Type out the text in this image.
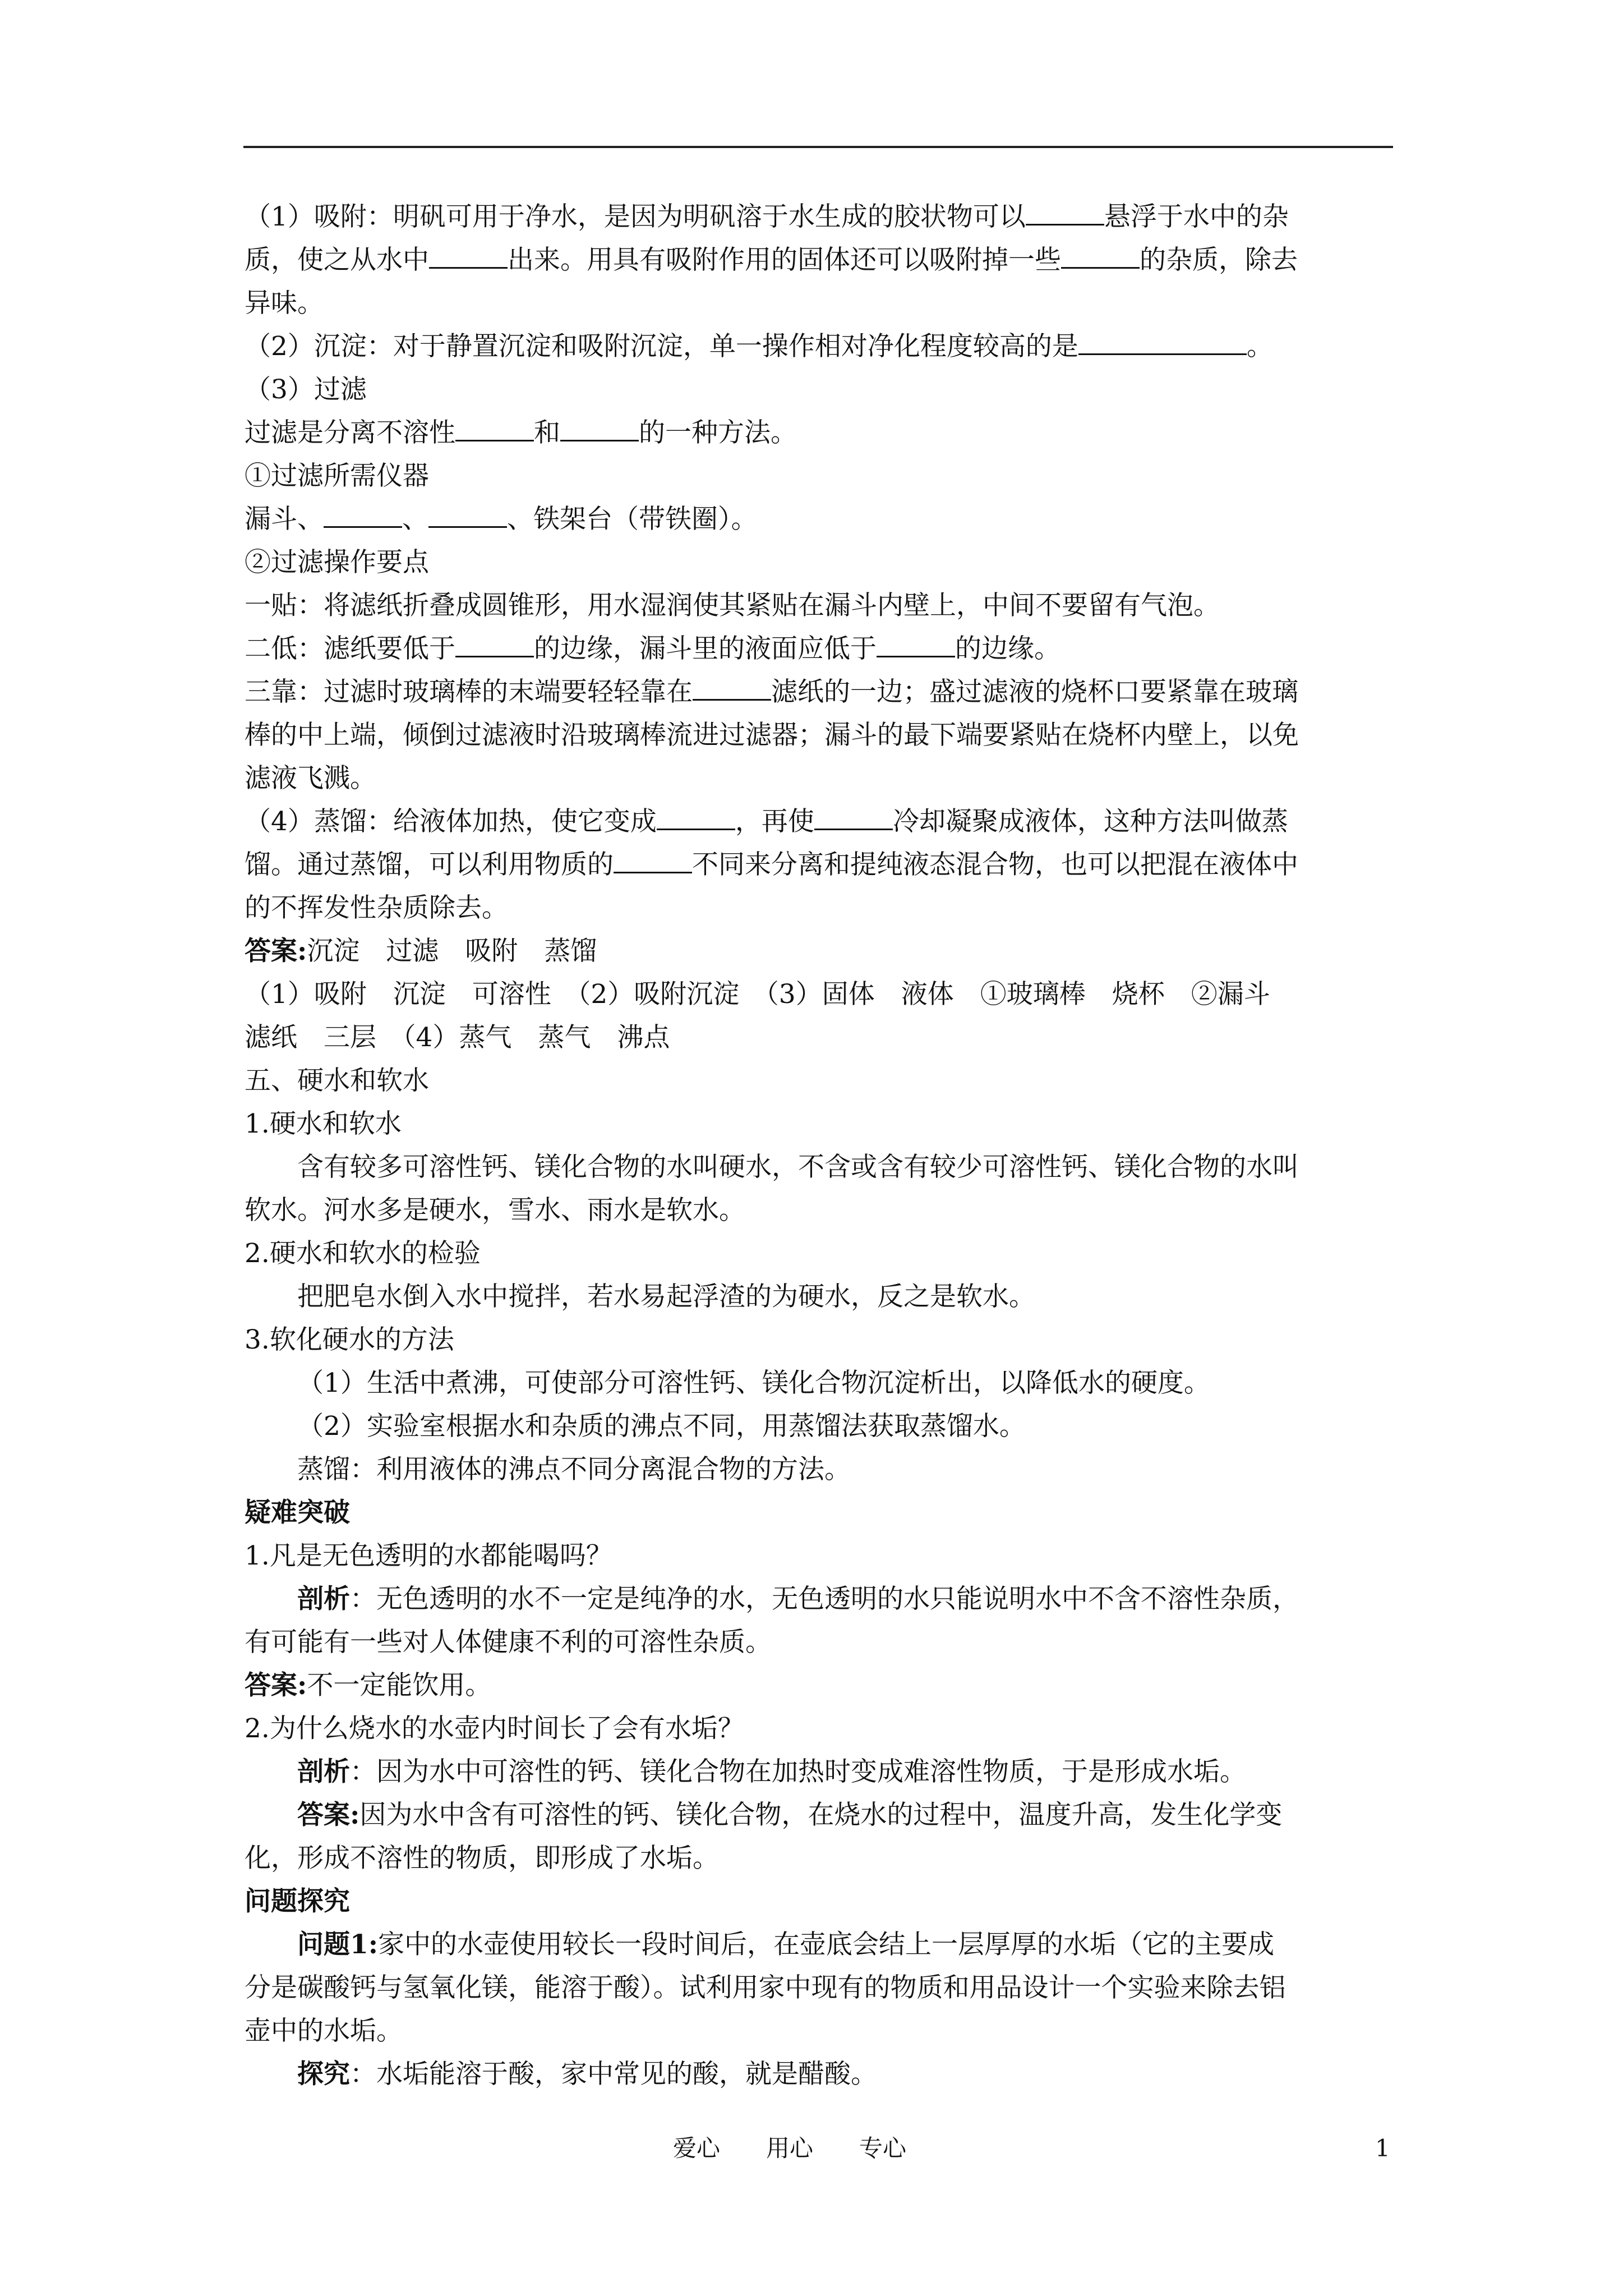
（1）吸附：明矾可用于净水，是因为明矾溶于水生成的胶状物可以	悬浮于水中的杂

质，使之从水中	出来。用具有吸附作用的固体还可以吸附掉一些	的杂质，除去

异味。

（2）沉淀：对于静置沉淀和吸附沉淀，单一操作相对净化程度较高的是	。

（3）过滤

过滤是分离不溶性	和	的一种方法。

①过滤所需仪器

漏斗、	、	、铁架台（带铁圈）。

②过滤操作要点

一贴：将滤纸折叠成圆锥形，用水湿润使其紧贴在漏斗内壁上，中间不要留有气泡。

二低：滤纸要低于	的边缘，漏斗里的液面应低于	的边缘。

三靠：过滤时玻璃棒的末端要轻轻靠在	滤纸的一边；盛过滤液的烧杯口要紧靠在玻璃

棒的中上端，倾倒过滤液时沿玻璃棒流进过滤器；漏斗的最下端要紧贴在烧杯内壁上，以免

滤液飞溅。

（4）蒸馏：给液体加热，使它变成	，再使	冷却凝聚成液体，这种方法叫做蒸

馏。通过蒸馏，可以利用物质的	不同来分离和提纯液态混合物，也可以把混在液体中

的不挥发性杂质除去。

答案:沉淀　过滤　吸附　蒸馏

（1）吸附　沉淀　可溶性　（2）吸附沉淀　（3）固体　液体　①玻璃棒　烧杯　②漏斗

滤纸　三层　（4）蒸气　蒸气　沸点

五、硬水和软水

1.硬水和软水

含有较多可溶性钙、镁化合物的水叫硬水，不含或含有较少可溶性钙、镁化合物的水叫

软水。河水多是硬水，雪水、雨水是软水。

2.硬水和软水的检验

把肥皂水倒入水中搅拌，若水易起浮渣的为硬水，反之是软水。

3.软化硬水的方法

（1）生活中煮沸，可使部分可溶性钙、镁化合物沉淀析出，以降低水的硬度。

（2）实验室根据水和杂质的沸点不同，用蒸馏法获取蒸馏水。

蒸馏：利用液体的沸点不同分离混合物的方法。

疑难突破

1.凡是无色透明的水都能喝吗？

剖析：无色透明的水不一定是纯净的水，无色透明的水只能说明水中不含不溶性杂质，

有可能有一些对人体健康不利的可溶性杂质。

答案:不一定能饮用。

2.为什么烧水的水壶内时间长了会有水垢？

剖析：因为水中可溶性的钙、镁化合物在加热时变成难溶性物质，于是形成水垢。

答案:因为水中含有可溶性的钙、镁化合物，在烧水的过程中，温度升高，发生化学变

化，形成不溶性的物质，即形成了水垢。

问题探究

问题1:家中的水壶使用较长一段时间后，在壶底会结上一层厚厚的水垢（它的主要成

分是碳酸钙与氢氧化镁，能溶于酸）。试利用家中现有的物质和用品设计一个实验来除去铝

壶中的水垢。

探究：水垢能溶于酸，家中常见的酸，就是醋酸。

爱心 用心 专心	1
